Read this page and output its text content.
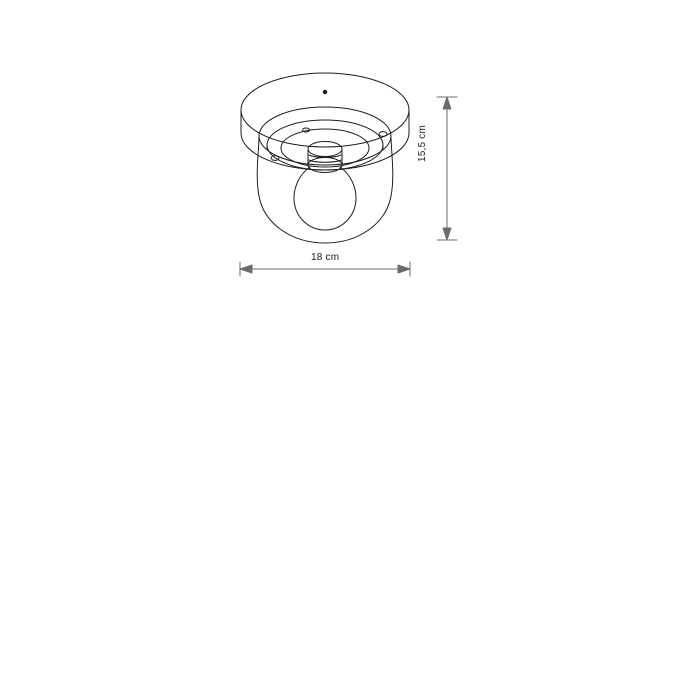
18 cm
15,5 cm
